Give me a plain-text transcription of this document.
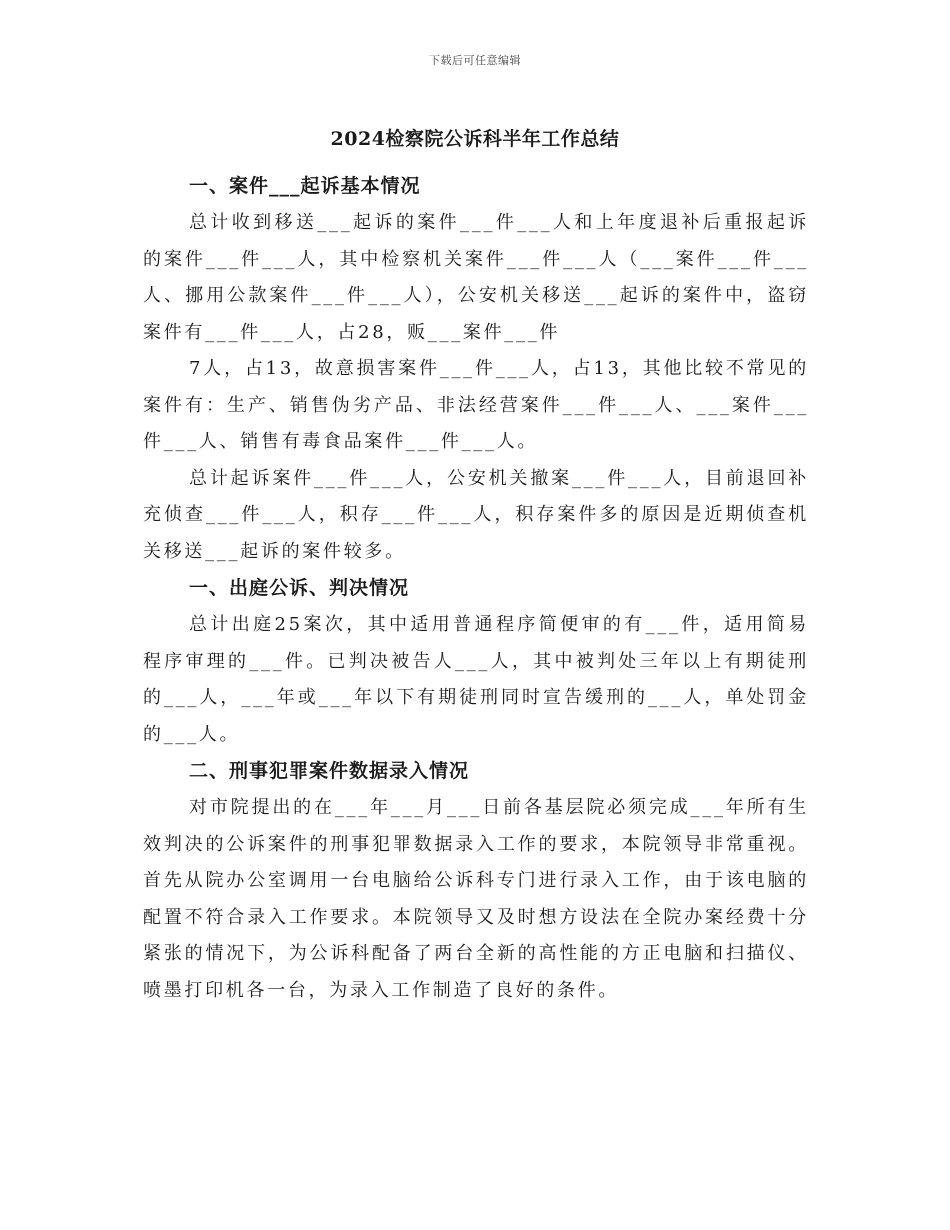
下载后可任意编辑
2024检察院公诉科半年工作总结

一、案件___起诉基本情况

总计收到移送___起诉的案件___件___人和上年度退补后重报起诉的案件___件___人，其中检察机关案件___件___人（___案件___件___人、挪用公款案件___件___人），公安机关移送___起诉的案件中，盗窃案件有___件___人，占28，贩___案件___件

7人，占13，故意损害案件___件___人，占13，其他比较不常见的案件有：生产、销售伪劣产品、非法经营案件___件___人、___案件___件___人、销售有毒食品案件___件___人。

总计起诉案件___件___人，公安机关撤案___件___人，目前退回补充侦查___件___人，积存___件___人，积存案件多的原因是近期侦查机关移送___起诉的案件较多。

一、出庭公诉、判决情况

总计出庭25案次，其中适用普通程序简便审的有___件，适用简易程序审理的___件。已判决被告人___人，其中被判处三年以上有期徒刑的___人，___年或___年以下有期徒刑同时宣告缓刑的___人，单处罚金的___人。

二、刑事犯罪案件数据录入情况

对市院提出的在___年___月___日前各基层院必须完成___年所有生效判决的公诉案件的刑事犯罪数据录入工作的要求，本院领导非常重视。首先从院办公室调用一台电脑给公诉科专门进行录入工作，由于该电脑的配置不符合录入工作要求。本院领导又及时想方设法在全院办案经费十分紧张的情况下，为公诉科配备了两台全新的高性能的方正电脑和扫描仪、喷墨打印机各一台，为录入工作制造了良好的条件。
